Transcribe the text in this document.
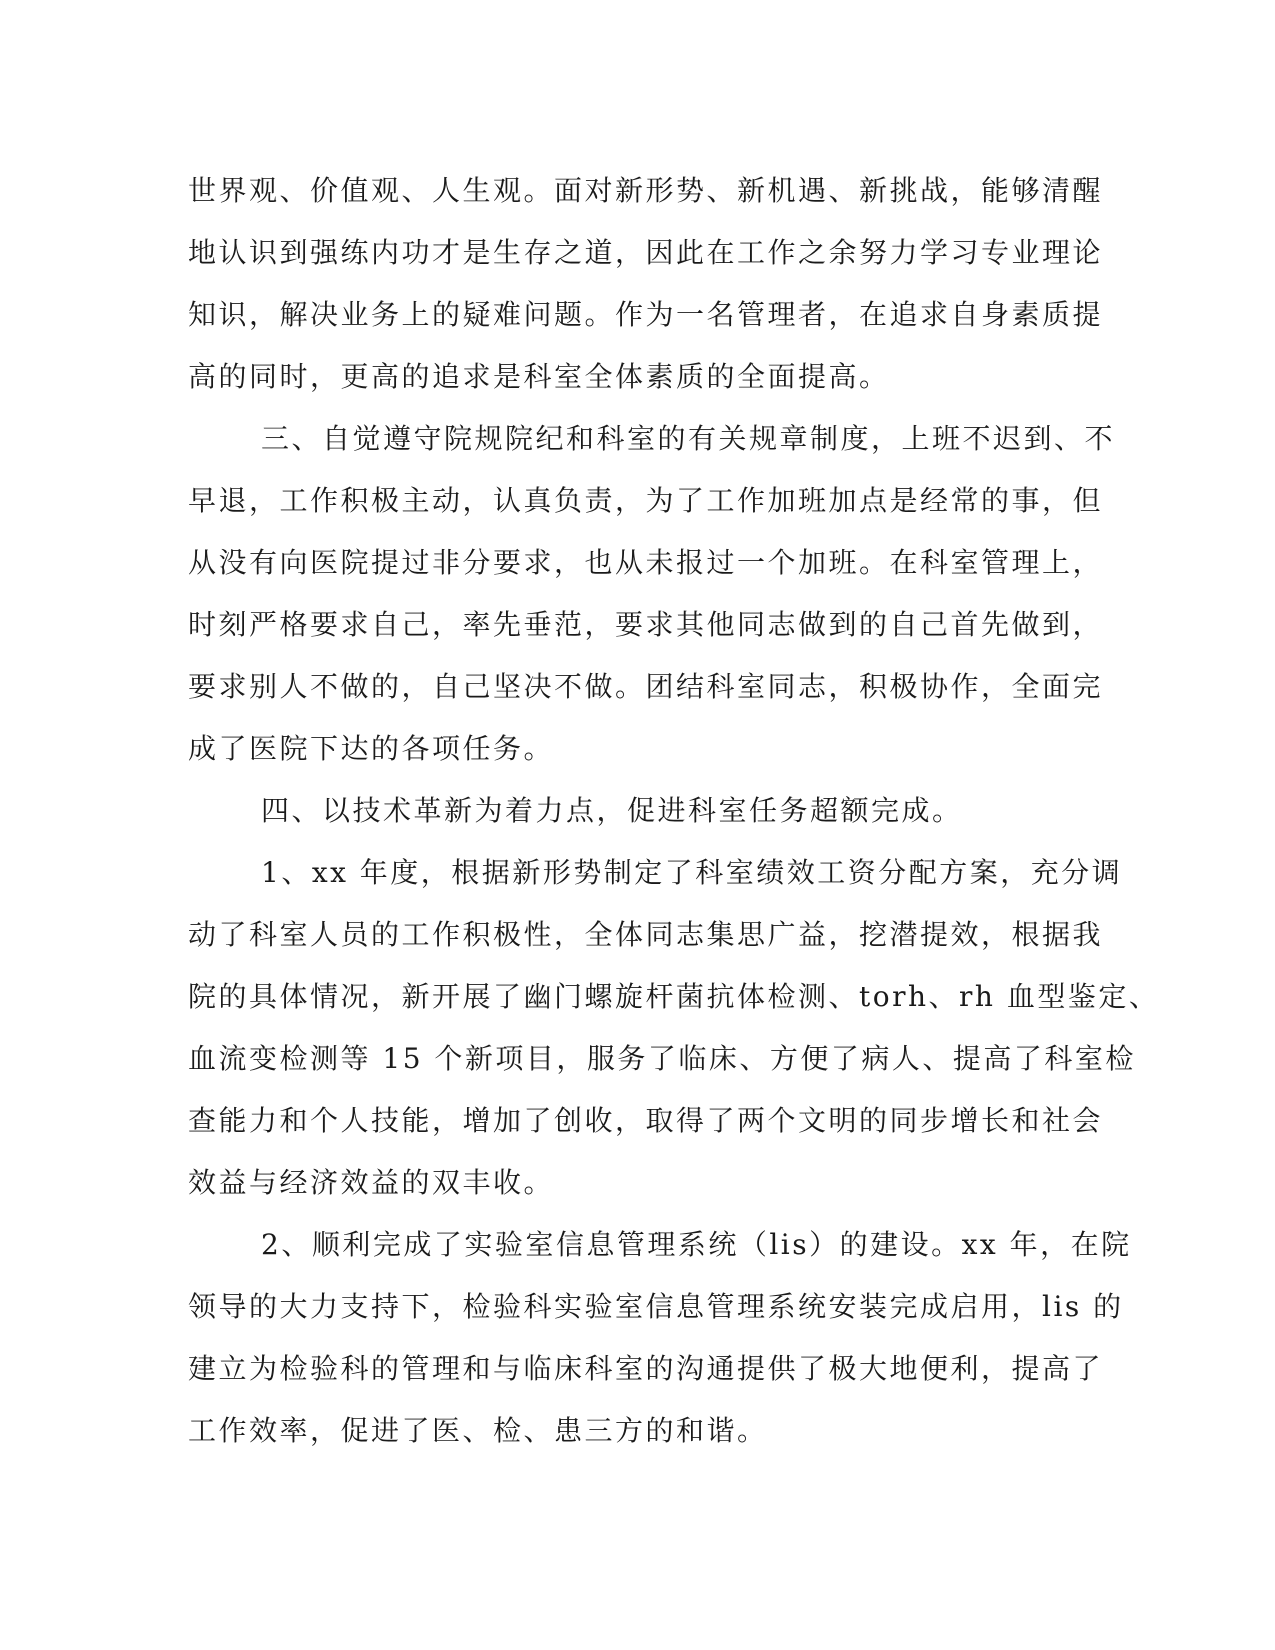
世界观、价值观、人生观。面对新形势、新机遇、新挑战，能够清醒
地认识到强练内功才是生存之道，因此在工作之余努力学习专业理论
知识，解决业务上的疑难问题。作为一名管理者，在追求自身素质提
高的同时，更高的追求是科室全体素质的全面提高。
三、自觉遵守院规院纪和科室的有关规章制度，上班不迟到、不
早退，工作积极主动，认真负责，为了工作加班加点是经常的事，但
从没有向医院提过非分要求，也从未报过一个加班。在科室管理上，
时刻严格要求自己，率先垂范，要求其他同志做到的自己首先做到，
要求别人不做的，自己坚决不做。团结科室同志，积极协作，全面完
成了医院下达的各项任务。
四、以技术革新为着力点，促进科室任务超额完成。
1、xx 年度，根据新形势制定了科室绩效工资分配方案，充分调
动了科室人员的工作积极性，全体同志集思广益，挖潜提效，根据我
院的具体情况，新开展了幽门螺旋杆菌抗体检测、torh、rh 血型鉴定、
血流变检测等 15 个新项目，服务了临床、方便了病人、提高了科室检
查能力和个人技能，增加了创收，取得了两个文明的同步增长和社会
效益与经济效益的双丰收。
2、顺利完成了实验室信息管理系统（lis）的建设。xx 年，在院
领导的大力支持下，检验科实验室信息管理系统安装完成启用，lis 的
建立为检验科的管理和与临床科室的沟通提供了极大地便利，提高了
工作效率，促进了医、检、患三方的和谐。
